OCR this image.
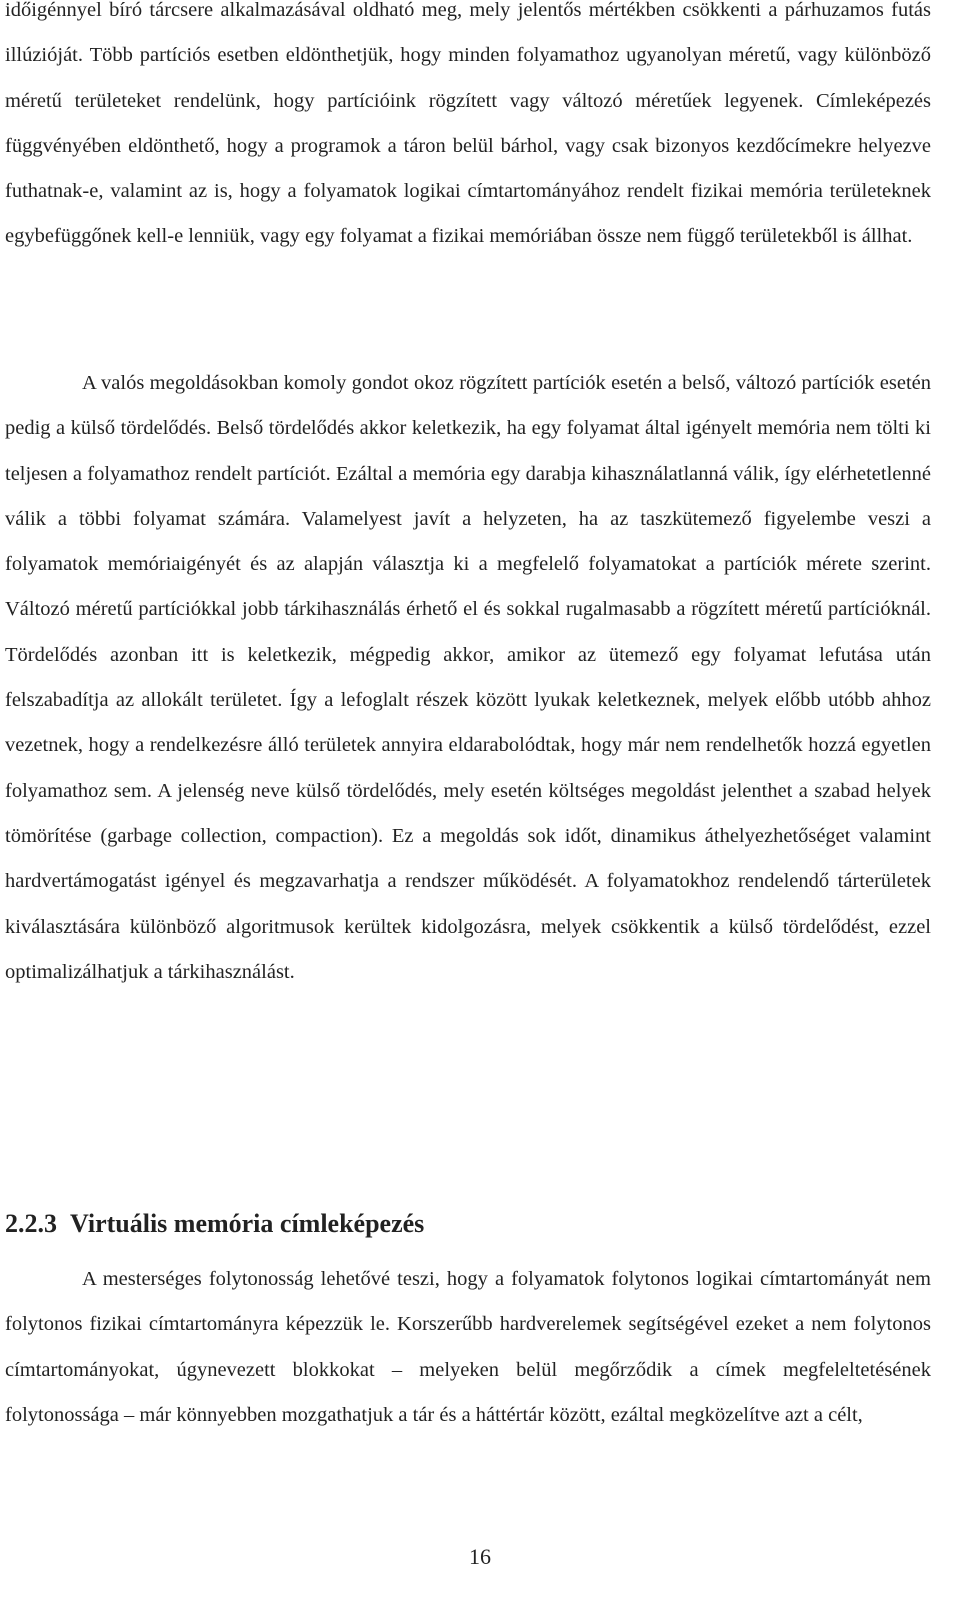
időigénnyel bíró tárcsere alkalmazásával oldható meg, mely jelentős mértékben csökkenti a párhuzamos futás illúzióját. Több partíciós esetben eldönthetjük, hogy minden folyamathoz ugyanolyan méretű, vagy különböző méretű területeket rendelünk, hogy partícióink rögzített vagy változó méretűek legyenek. Címleképezés függvényében eldönthető, hogy a programok a táron belül bárhol, vagy csak bizonyos kezdőcímekre helyezve futhatnak-e, valamint az is, hogy a folyamatok logikai címtartományához rendelt fizikai memória területeknek egybefüggőnek kell-e lenniük, vagy egy folyamat a fizikai memóriában össze nem függő területekből is állhat.

A valós megoldásokban komoly gondot okoz rögzített partíciók esetén a belső, változó partíciók esetén pedig a külső tördelődés. Belső tördelődés akkor keletkezik, ha egy folyamat által igényelt memória nem tölti ki teljesen a folyamathoz rendelt partíciót. Ezáltal a memória egy darabja kihasználatlanná válik, így elérhetetlenné válik a többi folyamat számára. Valamelyest javít a helyzeten, ha az taszkütemező figyelembe veszi a folyamatok memóriaigényét és az alapján választja ki a megfelelő folyamatokat a partíciók mérete szerint. Változó méretű partíciókkal jobb tárkihasználás érhető el és sokkal rugalmasabb a rögzített méretű partícióknál. Tördelődés azonban itt is keletkezik, mégpedig akkor, amikor az ütemező egy folyamat lefutása után felszabadítja az allokált területet. Így a lefoglalt részek között lyukak keletkeznek, melyek előbb utóbb ahhoz vezetnek, hogy a rendelkezésre álló területek annyira eldarabolódtak, hogy már nem rendelhetők hozzá egyetlen folyamathoz sem. A jelenség neve külső tördelődés, mely esetén költséges megoldást jelenthet a szabad helyek tömörítése (garbage collection, compaction). Ez a megoldás sok időt, dinamikus áthelyezhetőséget valamint hardvertámogatást igényel és megzavarhatja a rendszer működését. A folyamatokhoz rendelendő tárterületek kiválasztására különböző algoritmusok kerültek kidolgozásra, melyek csökkentik a külső tördelődést, ezzel optimalizálhatjuk a tárkihasználást.

2.2.3 Virtuális memória címleképezés

A mesterséges folytonosság lehetővé teszi, hogy a folyamatok folytonos logikai címtartományát nem folytonos fizikai címtartományra képezzük le. Korszerűbb hardverelemek segítségével ezeket a nem folytonos címtartományokat, úgynevezett blokkokat – melyeken belül megőrződik a címek megfeleltetésének folytonossága – már könnyebben mozgathatjuk a tár és a háttértár között, ezáltal megközelítve azt a célt,

16
